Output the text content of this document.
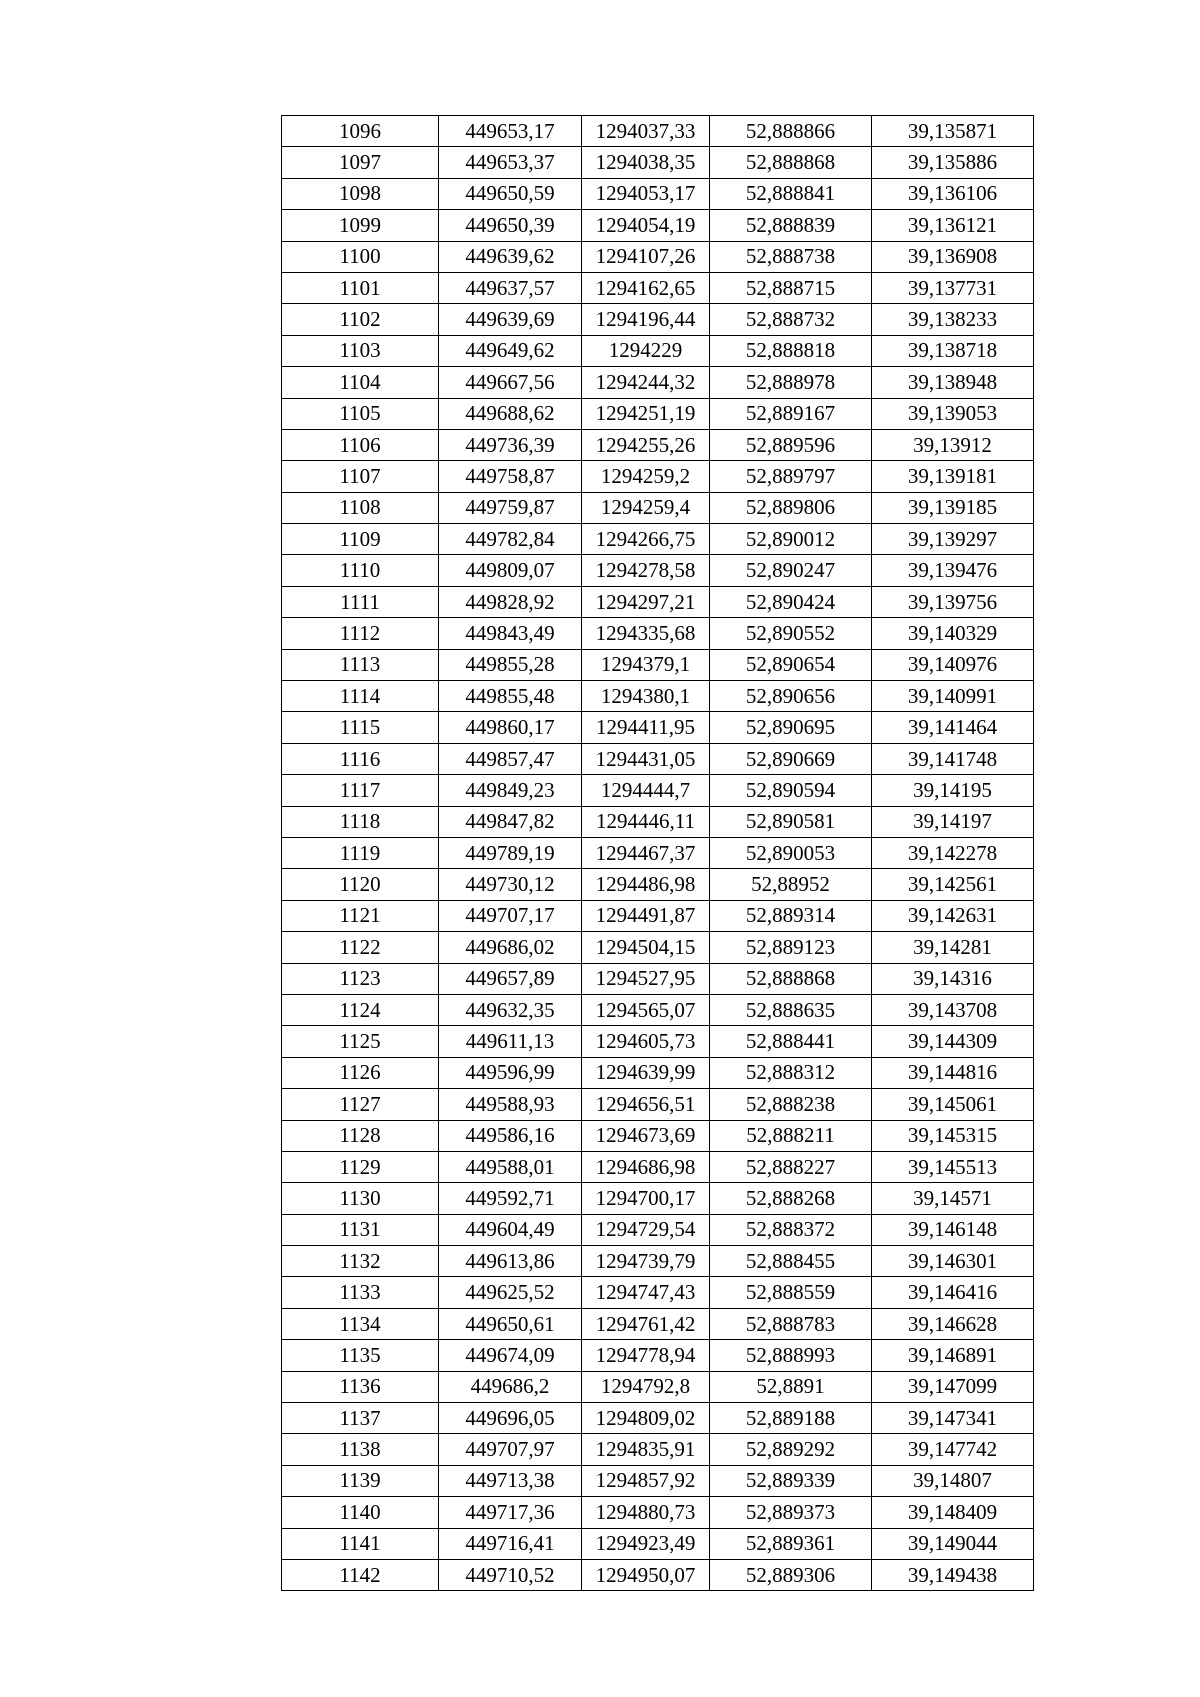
1096	449653,17	1294037,33	52,888866	39,135871
1097	449653,37	1294038,35	52,888868	39,135886
1098	449650,59	1294053,17	52,888841	39,136106
1099	449650,39	1294054,19	52,888839	39,136121
1100	449639,62	1294107,26	52,888738	39,136908
1101	449637,57	1294162,65	52,888715	39,137731
1102	449639,69	1294196,44	52,888732	39,138233
1103	449649,62	1294229	52,888818	39,138718
1104	449667,56	1294244,32	52,888978	39,138948
1105	449688,62	1294251,19	52,889167	39,139053
1106	449736,39	1294255,26	52,889596	39,13912
1107	449758,87	1294259,2	52,889797	39,139181
1108	449759,87	1294259,4	52,889806	39,139185
1109	449782,84	1294266,75	52,890012	39,139297
1110	449809,07	1294278,58	52,890247	39,139476
1111	449828,92	1294297,21	52,890424	39,139756
1112	449843,49	1294335,68	52,890552	39,140329
1113	449855,28	1294379,1	52,890654	39,140976
1114	449855,48	1294380,1	52,890656	39,140991
1115	449860,17	1294411,95	52,890695	39,141464
1116	449857,47	1294431,05	52,890669	39,141748
1117	449849,23	1294444,7	52,890594	39,14195
1118	449847,82	1294446,11	52,890581	39,14197
1119	449789,19	1294467,37	52,890053	39,142278
1120	449730,12	1294486,98	52,88952	39,142561
1121	449707,17	1294491,87	52,889314	39,142631
1122	449686,02	1294504,15	52,889123	39,14281
1123	449657,89	1294527,95	52,888868	39,14316
1124	449632,35	1294565,07	52,888635	39,143708
1125	449611,13	1294605,73	52,888441	39,144309
1126	449596,99	1294639,99	52,888312	39,144816
1127	449588,93	1294656,51	52,888238	39,145061
1128	449586,16	1294673,69	52,888211	39,145315
1129	449588,01	1294686,98	52,888227	39,145513
1130	449592,71	1294700,17	52,888268	39,14571
1131	449604,49	1294729,54	52,888372	39,146148
1132	449613,86	1294739,79	52,888455	39,146301
1133	449625,52	1294747,43	52,888559	39,146416
1134	449650,61	1294761,42	52,888783	39,146628
1135	449674,09	1294778,94	52,888993	39,146891
1136	449686,2	1294792,8	52,8891	39,147099
1137	449696,05	1294809,02	52,889188	39,147341
1138	449707,97	1294835,91	52,889292	39,147742
1139	449713,38	1294857,92	52,889339	39,14807
1140	449717,36	1294880,73	52,889373	39,148409
1141	449716,41	1294923,49	52,889361	39,149044
1142	449710,52	1294950,07	52,889306	39,149438
